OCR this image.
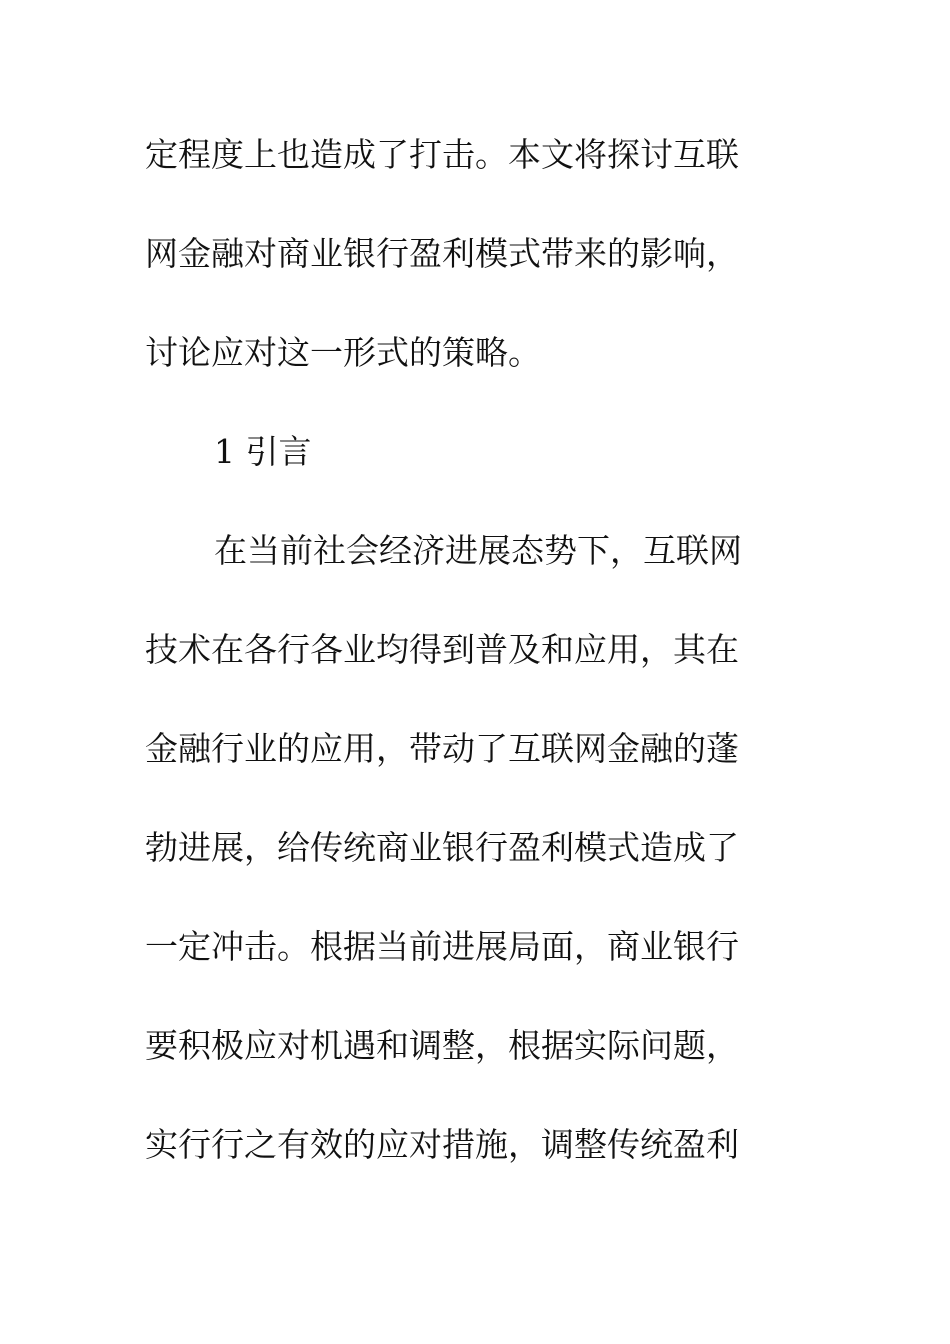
定程度上也造成了打击。本文将探讨互联
网金融对商业银行盈利模式带来的影响，
讨论应对这一形式的策略。
1 引言
在当前社会经济进展态势下，互联网
技术在各行各业均得到普及和应用，其在
金融行业的应用，带动了互联网金融的蓬
勃进展，给传统商业银行盈利模式造成了
一定冲击。根据当前进展局面，商业银行
要积极应对机遇和调整，根据实际问题，
实行行之有效的应对措施，调整传统盈利
